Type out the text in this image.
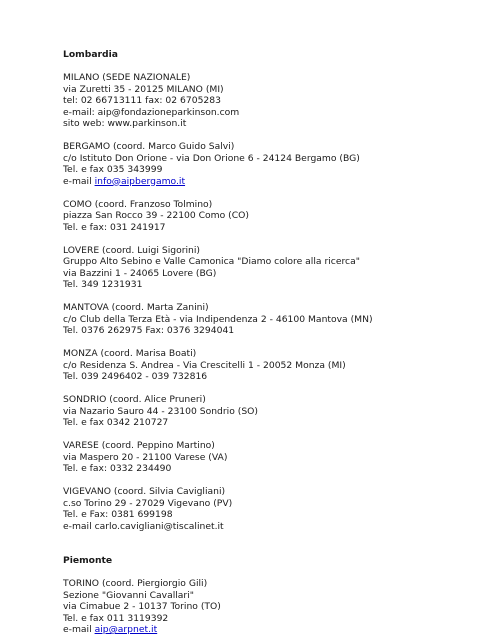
Lombardia
MILANO (SEDE NAZIONALE)
via Zuretti 35 - 20125 MILANO (MI)
tel: 02 66713111 fax: 02 6705283
e-mail: aip@fondazioneparkinson.com
sito web: www.parkinson.it
BERGAMO (coord. Marco Guido Salvi)
c/o Istituto Don Orione - via Don Orione 6 - 24124 Bergamo (BG)
Tel. e fax 035 343999
e-mail info@aipbergamo.it
COMO (coord. Franzoso Tolmino)
piazza San Rocco 39 - 22100 Como (CO)
Tel. e fax: 031 241917
LOVERE (coord. Luigi Sigorini)
Gruppo Alto Sebino e Valle Camonica "Diamo colore alla ricerca"
via Bazzini 1 - 24065 Lovere (BG)
Tel. 349 1231931
MANTOVA (coord. Marta Zanini)
c/o Club della Terza Età - via Indipendenza 2 - 46100 Mantova (MN)
Tel. 0376 262975 Fax: 0376 3294041
MONZA (coord. Marisa Boati)
c/o Residenza S. Andrea - Via Crescitelli 1 - 20052 Monza (MI)
Tel. 039 2496402 - 039 732816
SONDRIO (coord. Alice Pruneri)
via Nazario Sauro 44 - 23100 Sondrio (SO)
Tel. e fax 0342 210727
VARESE (coord. Peppino Martino)
via Maspero 20 - 21100 Varese (VA)
Tel. e fax: 0332 234490
VIGEVANO (coord. Silvia Cavigliani)
c.so Torino 29 - 27029 Vigevano (PV)
Tel. e Fax: 0381 699198
e-mail carlo.cavigliani@tiscalinet.it
Piemonte
TORINO (coord. Piergiorgio Gili)
Sezione "Giovanni Cavallari"
via Cimabue 2 - 10137 Torino (TO)
Tel. e fax 011 3119392
e-mail aip@arpnet.it
